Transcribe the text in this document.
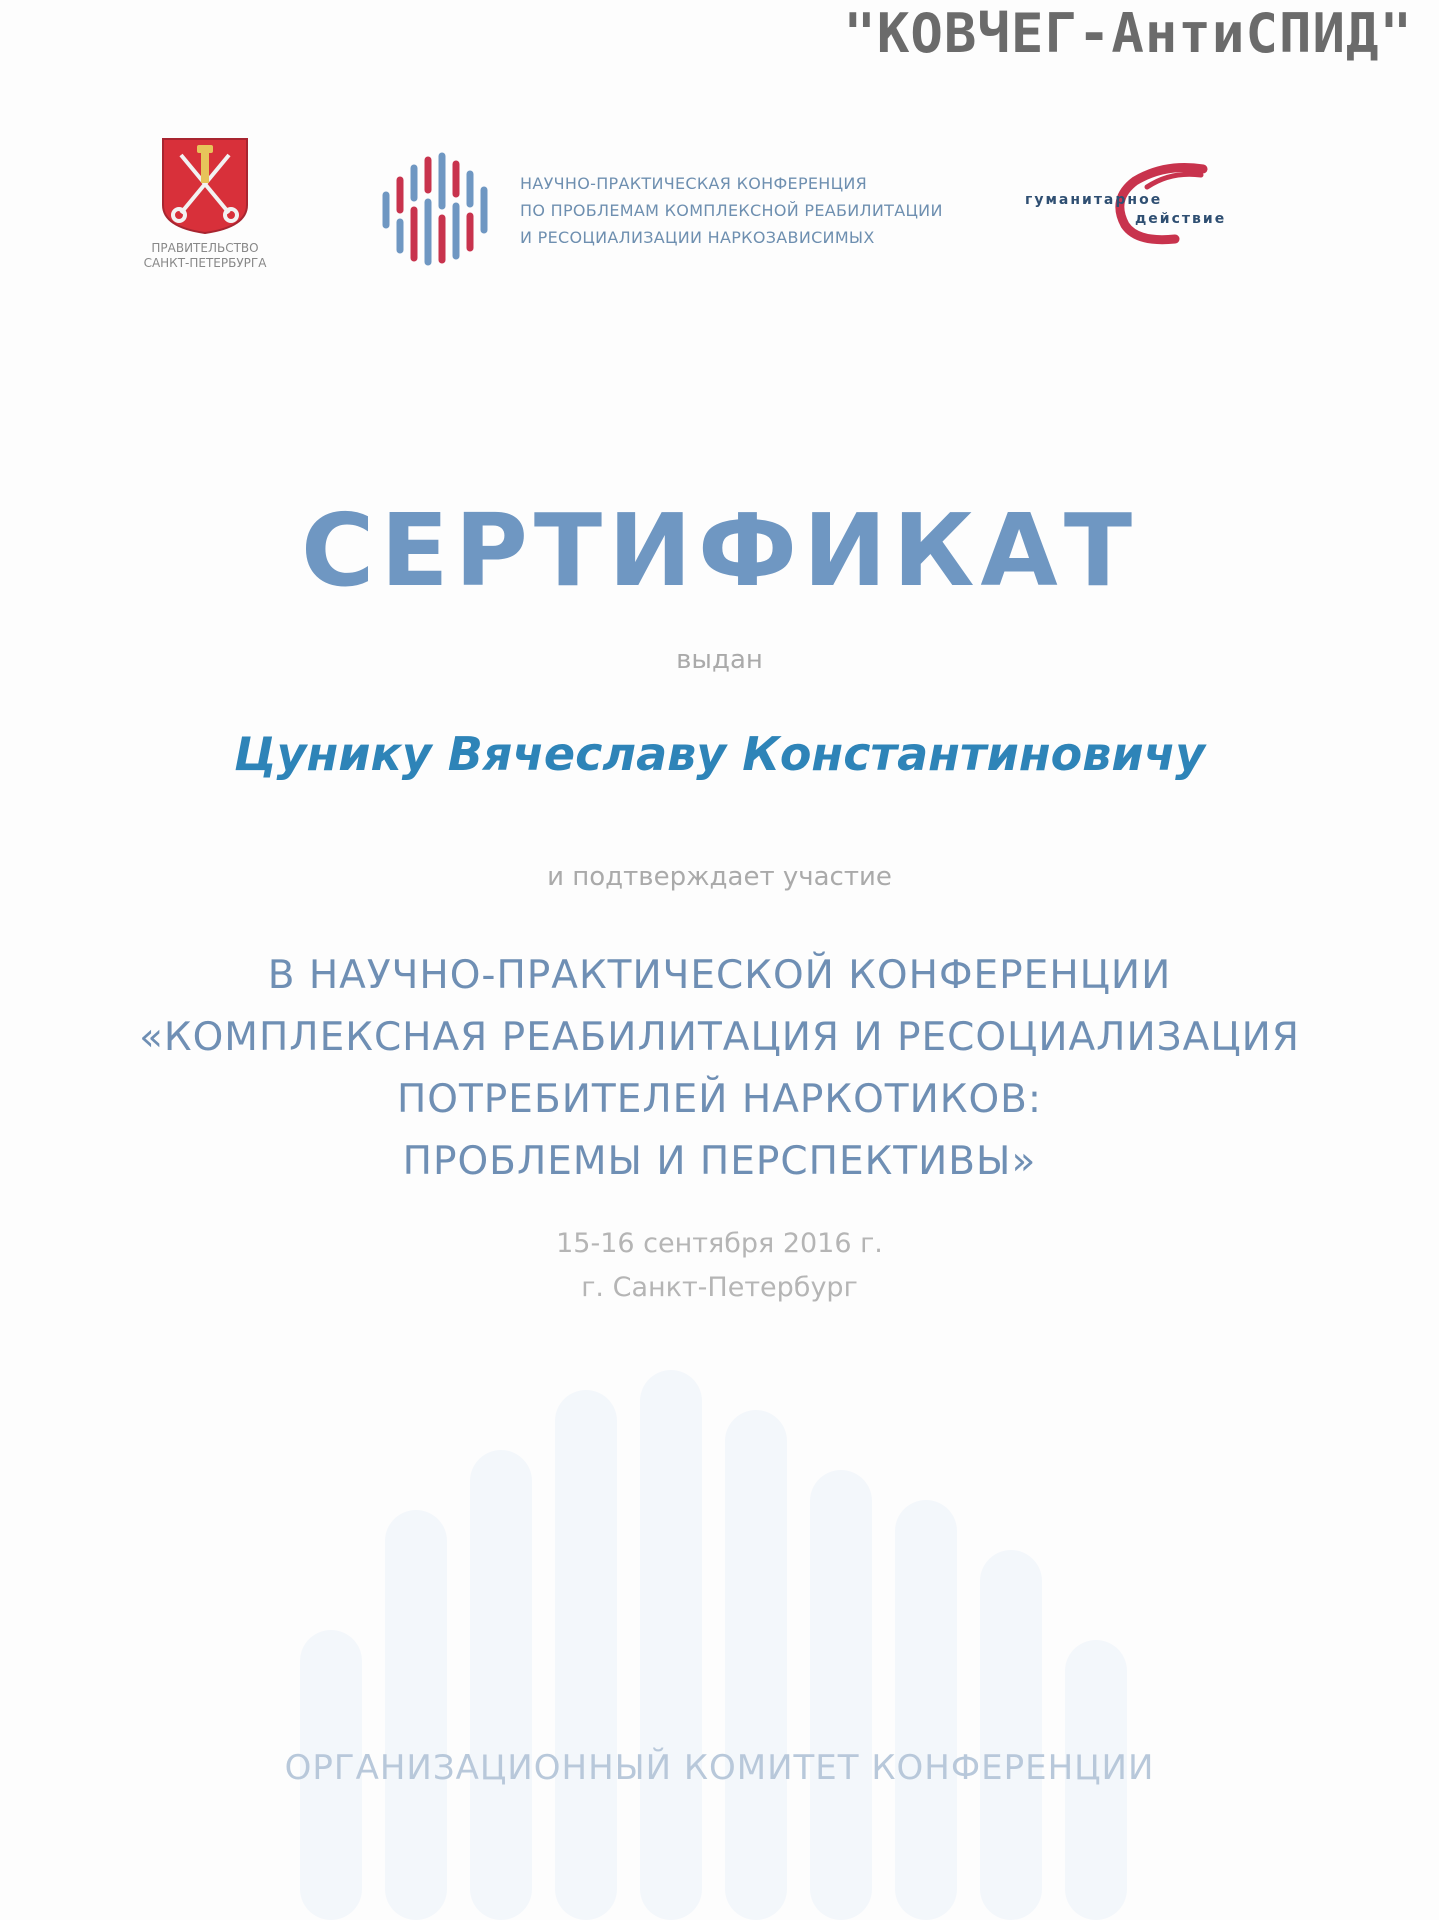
"КОВЧЕГ-АнтиСПИД"
ПРАВИТЕЛЬСТВО
САНКТ-ПЕТЕРБУРГА
НАУЧНО-ПРАКТИЧЕСКАЯ КОНФЕРЕНЦИЯ
ПО ПРОБЛЕМАМ КОМПЛЕКСНОЙ РЕАБИЛИТАЦИИ
И РЕСОЦИАЛИЗАЦИИ НАРКОЗАВИСИМЫХ
гуманитарное
действие
СЕРТИФИКАТ
выдан
Цунику Вячеславу Константиновичу
и подтверждает участие
В НАУЧНО-ПРАКТИЧЕСКОЙ КОНФЕРЕНЦИИ
«КОМПЛЕКСНАЯ РЕАБИЛИТАЦИЯ И РЕСОЦИАЛИЗАЦИЯ
ПОТРЕБИТЕЛЕЙ НАРКОТИКОВ:
ПРОБЛЕМЫ И ПЕРСПЕКТИВЫ»
15-16 сентября 2016 г.
г. Санкт-Петербург
ОРГАНИЗАЦИОННЫЙ КОМИТЕТ КОНФЕРЕНЦИИ
